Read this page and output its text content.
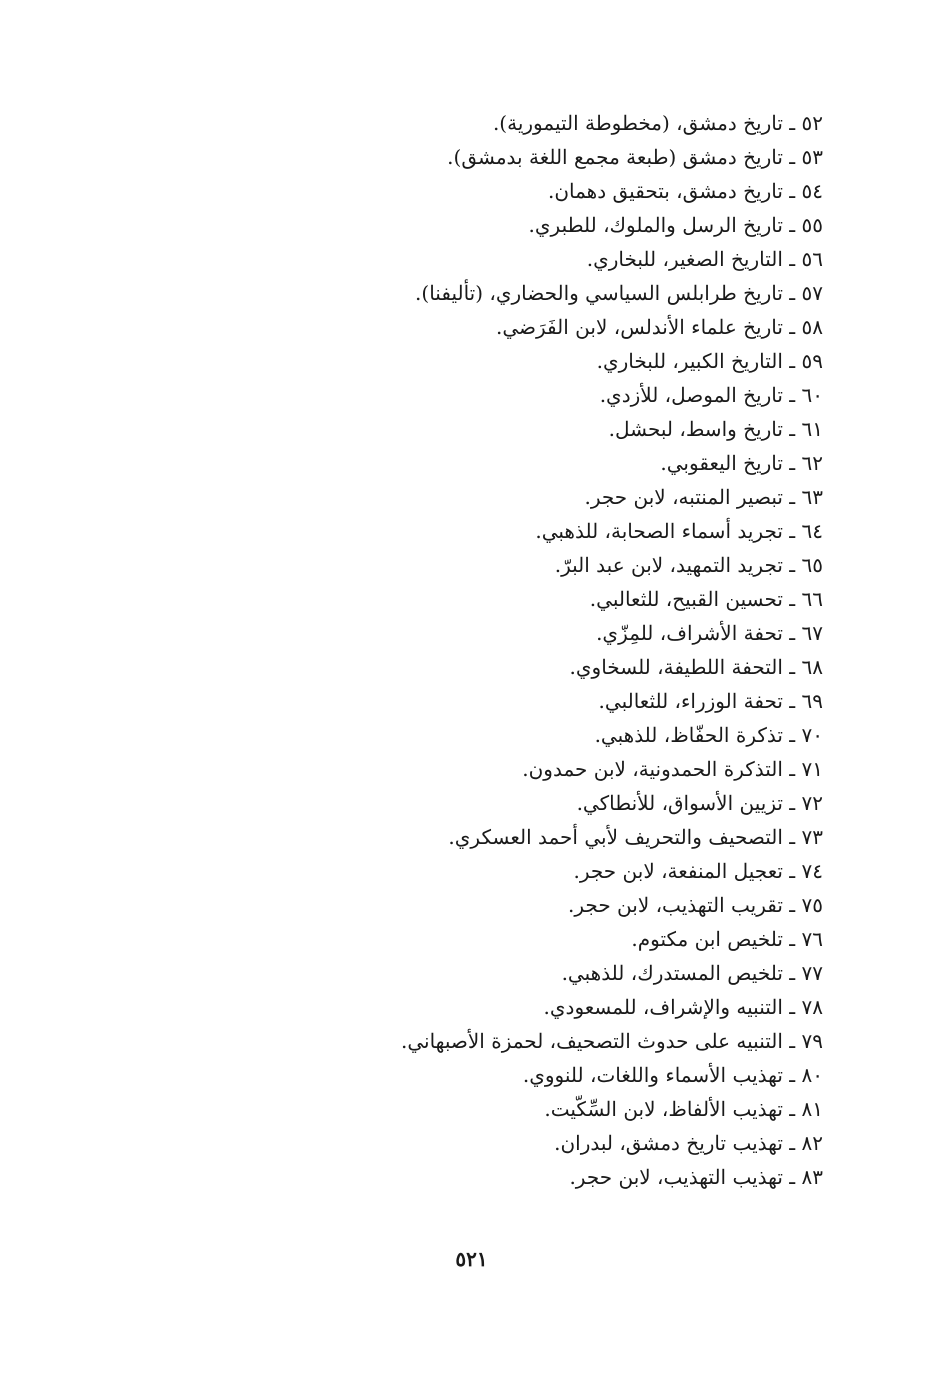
٥٢ ـ تاريخ دمشق، (مخطوطة التيمورية).
٥٣ ـ تاريخ دمشق (طبعة مجمع اللغة بدمشق).
٥٤ ـ تاريخ دمشق، بتحقيق دهمان.
٥٥ ـ تاريخ الرسل والملوك، للطبري.
٥٦ ـ التاريخ الصغير، للبخاري.
٥٧ ـ تاريخ طرابلس السياسي والحضاري، (تأليفنا).
٥٨ ـ تاريخ علماء الأندلس، لابن الفَرَضي.
٥٩ ـ التاريخ الكبير، للبخاري.
٦٠ ـ تاريخ الموصل، للأزدي.
٦١ ـ تاريخ واسط، لبحشل.
٦٢ ـ تاريخ اليعقوبي.
٦٣ ـ تبصير المنتبه، لابن حجر.
٦٤ ـ تجريد أسماء الصحابة، للذهبي.
٦٥ ـ تجريد التمهيد، لابن عبد البرّ.
٦٦ ـ تحسين القبيح، للثعالبي.
٦٧ ـ تحفة الأشراف، للمِزّي.
٦٨ ـ التحفة اللطيفة، للسخاوي.
٦٩ ـ تحفة الوزراء، للثعالبي.
٧٠ ـ تذكرة الحفّاظ، للذهبي.
٧١ ـ التذكرة الحمدونية، لابن حمدون.
٧٢ ـ تزيين الأسواق، للأنطاكي.
٧٣ ـ التصحيف والتحريف لأبي أحمد العسكري.
٧٤ ـ تعجيل المنفعة، لابن حجر.
٧٥ ـ تقريب التهذيب، لابن حجر.
٧٦ ـ تلخيص ابن مكتوم.
٧٧ ـ تلخيص المستدرك، للذهبي.
٧٨ ـ التنبيه والإشراف، للمسعودي.
٧٩ ـ التنبيه على حدوث التصحيف، لحمزة الأصبهاني.
٨٠ ـ تهذيب الأسماء واللغات، للنووي.
٨١ ـ تهذيب الألفاظ، لابن السِّكّيت.
٨٢ ـ تهذيب تاريخ دمشق، لبدران.
٨٣ ـ تهذيب التهذيب، لابن حجر.
٥٢١
